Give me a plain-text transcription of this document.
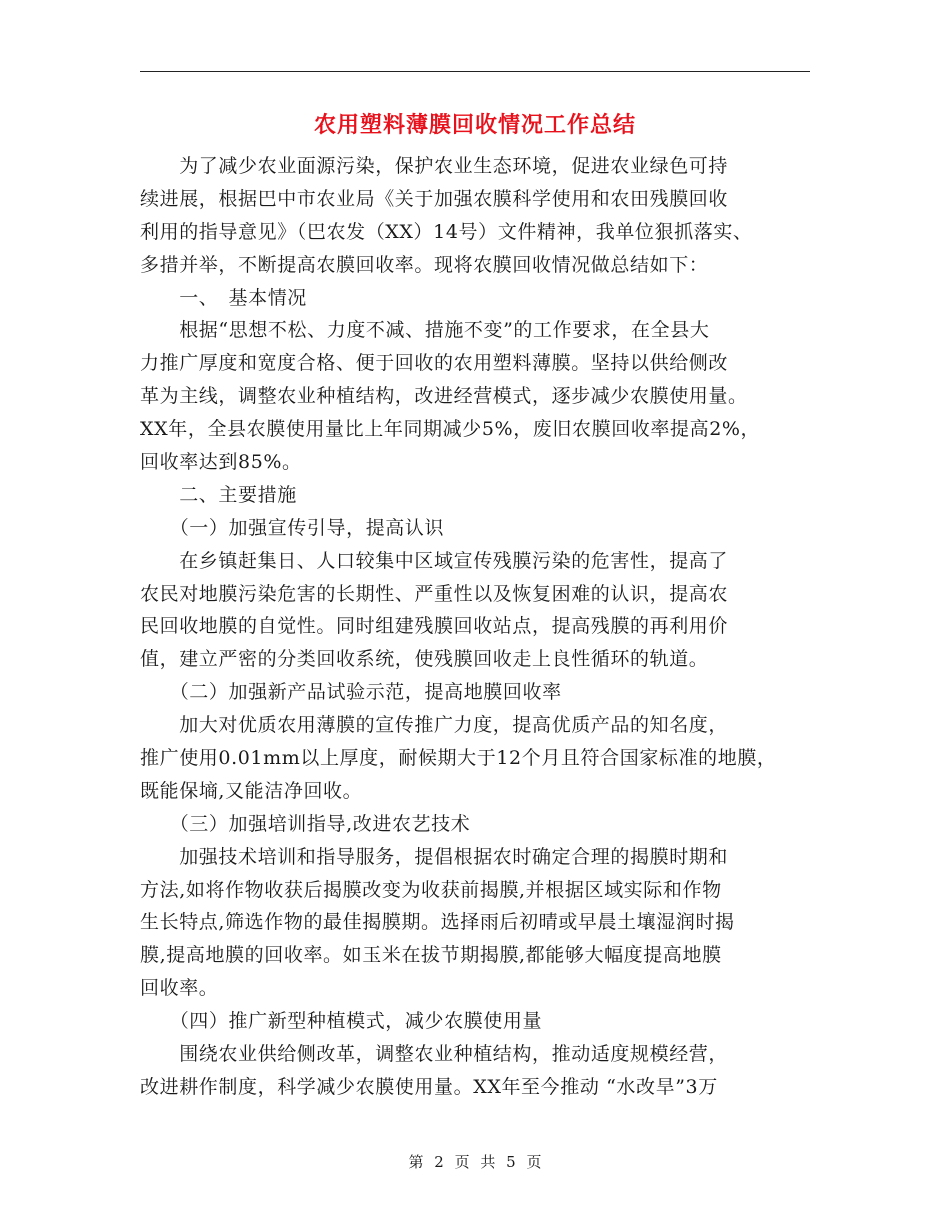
农用塑料薄膜回收情况工作总结
　　为了减少农业面源污染，保护农业生态环境，促进农业绿色可持
续进展，根据巴中市农业局《关于加强农膜科学使用和农田残膜回收
利用的指导意见》（巴农发（XX）14号）文件精神，我单位狠抓落实、
多措并举，不断提高农膜回收率。现将农膜回收情况做总结如下：
　　一、　基本情况
　　根据“思想不松、力度不减、措施不变”的工作要求，在全县大
力推广厚度和宽度合格、便于回收的农用塑料薄膜。坚持以供给侧改
革为主线，调整农业种植结构，改进经营模式，逐步减少农膜使用量。
XX年，全县农膜使用量比上年同期减少5%，废旧农膜回收率提高2%，
回收率达到85%。
　　二、主要措施
　　（一）加强宣传引导，提高认识
　　在乡镇赶集日、人口较集中区域宣传残膜污染的危害性，提高了
农民对地膜污染危害的长期性、严重性以及恢复困难的认识，提高农
民回收地膜的自觉性。同时组建残膜回收站点，提高残膜的再利用价
值，建立严密的分类回收系统，使残膜回收走上良性循环的轨道。
　　（二）加强新产品试验示范，提高地膜回收率
　　加大对优质农用薄膜的宣传推广力度，提高优质产品的知名度，
推广使用0.01mm以上厚度，耐候期大于12个月且符合国家标准的地膜，
既能保墒,又能洁净回收。
　　（三）加强培训指导,改进农艺技术
　　加强技术培训和指导服务，提倡根据农时确定合理的揭膜时期和
方法,如将作物收获后揭膜改变为收获前揭膜,并根据区域实际和作物
生长特点,筛选作物的最佳揭膜期。选择雨后初晴或早晨土壤湿润时揭
膜,提高地膜的回收率。如玉米在拔节期揭膜,都能够大幅度提高地膜
回收率。
　　（四）推广新型种植模式，减少农膜使用量
　　围绕农业供给侧改革，调整农业种植结构，推动适度规模经营，
改进耕作制度，科学减少农膜使用量。XX年至今推动 “水改旱”3万
第 2 页 共 5 页
